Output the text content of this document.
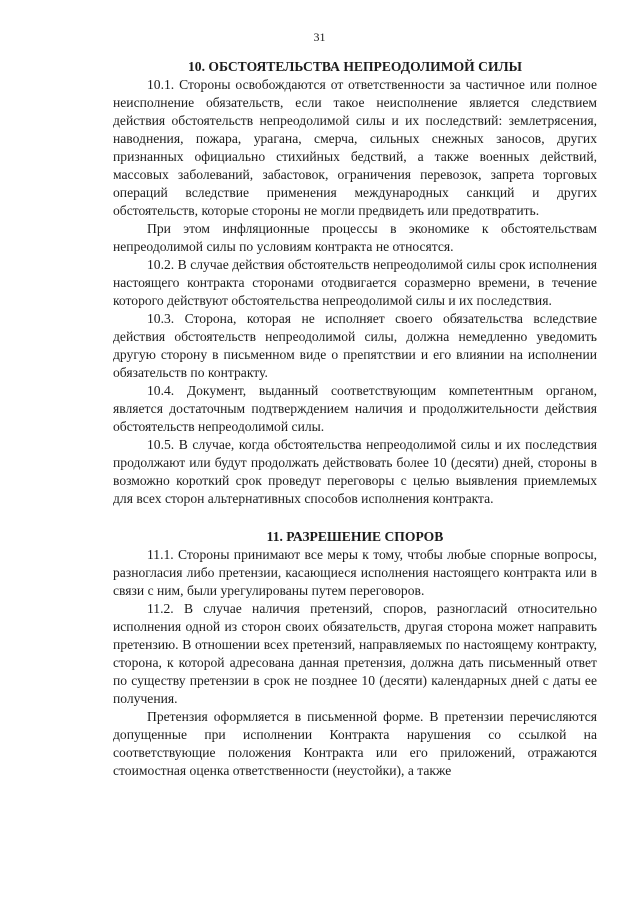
31
10. ОБСТОЯТЕЛЬСТВА НЕПРЕОДОЛИМОЙ СИЛЫ

10.1. Стороны освобождаются от ответственности за частичное или полное неисполнение обязательств, если такое неисполнение является следствием действия обстоятельств непреодолимой силы и их последствий: землетрясения, наводнения, пожара, урагана, смерча, сильных снежных заносов, других признанных официально стихийных бедствий, а также военных действий, массовых заболеваний, забастовок, ограничения перевозок, запрета торговых операций вследствие применения международных санкций и других обстоятельств, которые стороны не могли предвидеть или предотвратить.

При этом инфляционные процессы в экономике к обстоятельствам непреодолимой силы по условиям контракта не относятся.

10.2. В случае действия обстоятельств непреодолимой силы срок исполнения настоящего контракта сторонами отодвигается соразмерно времени, в течение которого действуют обстоятельства непреодолимой силы и их последствия.

10.3. Сторона, которая не исполняет своего обязательства вследствие действия обстоятельств непреодолимой силы, должна немедленно уведомить другую сторону в письменном виде о препятствии и его влиянии на исполнении обязательств по контракту.

10.4. Документ, выданный соответствующим компетентным органом, является достаточным подтверждением наличия и продолжительности действия обстоятельств непреодолимой силы.

10.5. В случае, когда обстоятельства непреодолимой силы и их последствия продолжают или будут продолжать действовать более 10 (десяти) дней, стороны в возможно короткий срок проведут переговоры с целью выявления приемлемых для всех сторон альтернативных способов исполнения контракта.

11. РАЗРЕШЕНИЕ СПОРОВ

11.1. Стороны принимают все меры к тому, чтобы любые спорные вопросы, разногласия либо претензии, касающиеся исполнения настоящего контракта или в связи с ним, были урегулированы путем переговоров.

11.2. В случае наличия претензий, споров, разногласий относительно исполнения одной из сторон своих обязательств, другая сторона может направить претензию. В отношении всех претензий, направляемых по настоящему контракту, сторона, к которой адресована данная претензия, должна дать письменный ответ по существу претензии в срок не позднее 10 (десяти) календарных дней с даты ее получения.

Претензия оформляется в письменной форме. В претензии перечисляются допущенные при исполнении Контракта нарушения со ссылкой на соответствующие положения Контракта или его приложений, отражаются стоимостная оценка ответственности (неустойки), а также
